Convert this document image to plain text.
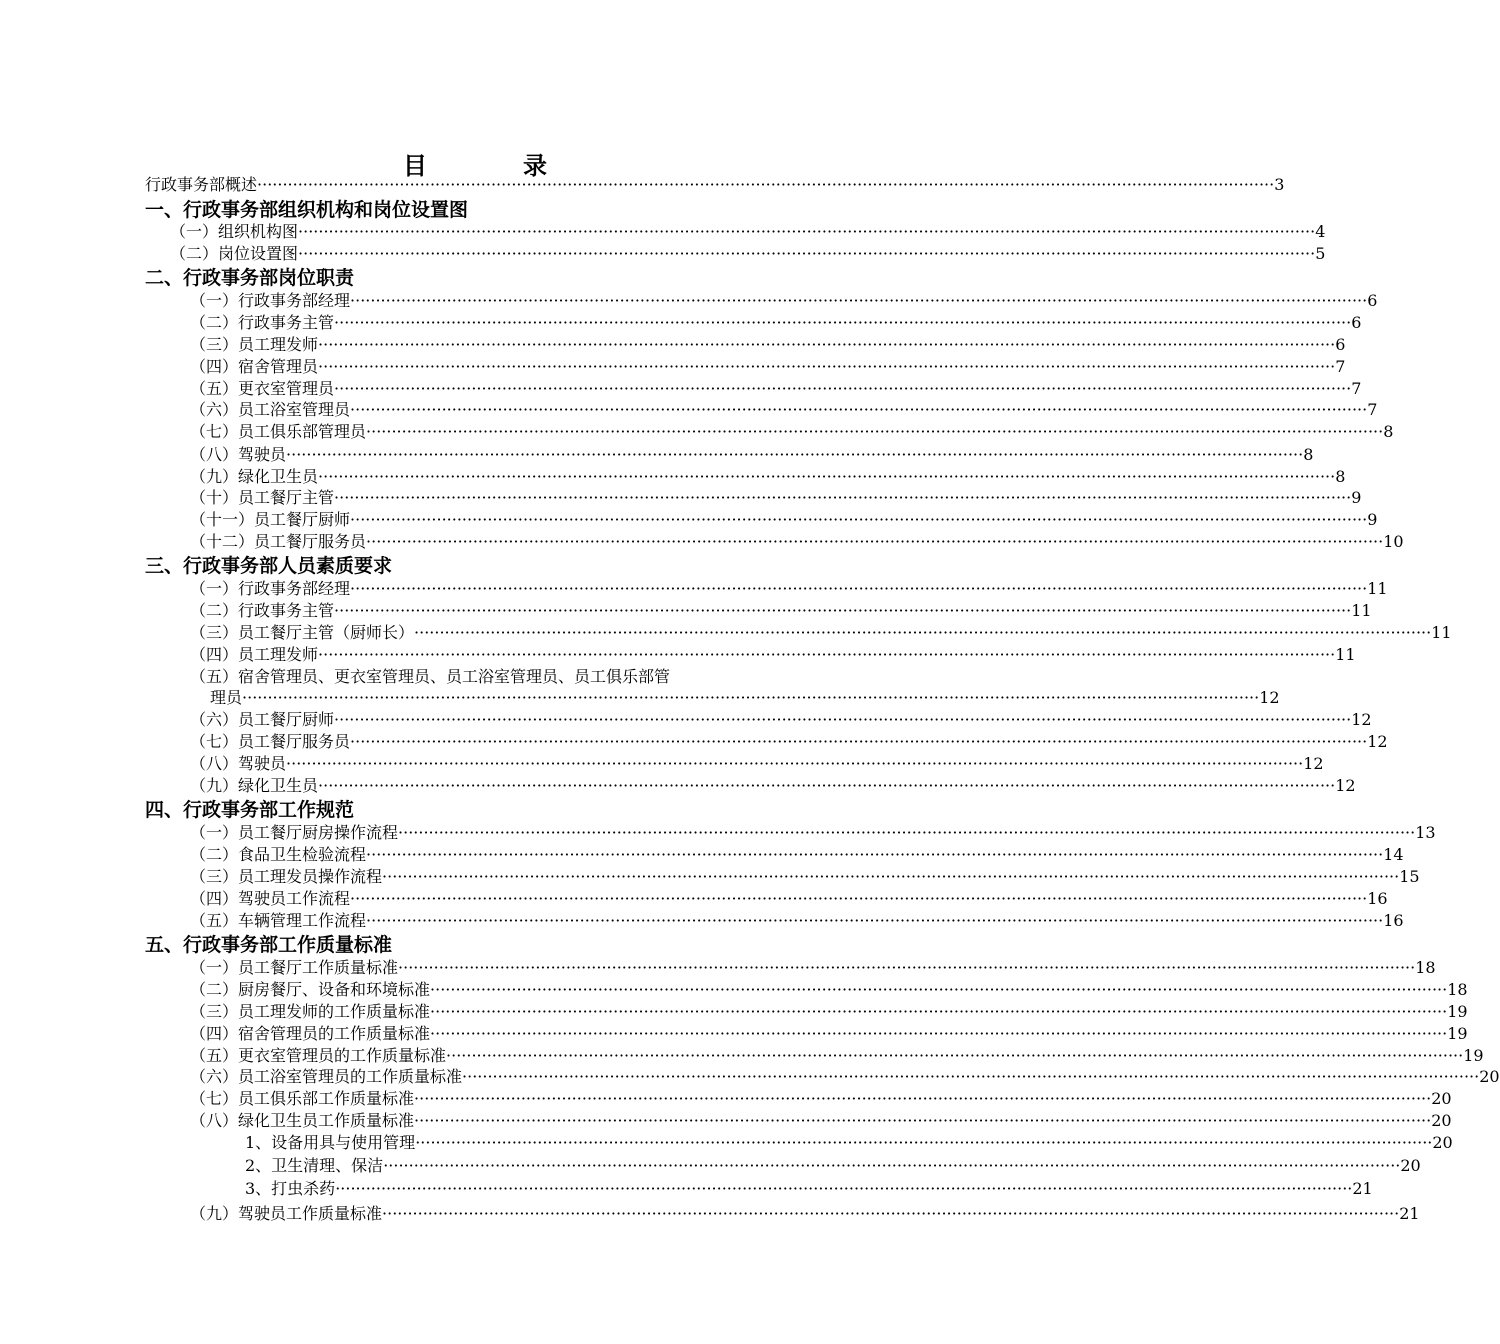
目　录
行政事务部概述 ········································································································································································································ 3
一、行政事务部组织机构和岗位设置图
（一）组织机构图 ········································································································································································································ 4
（二）岗位设置图 ········································································································································································································ 5
二、行政事务部岗位职责
（一）行政事务部经理 ········································································································································································································ 6
（二）行政事务主管 ········································································································································································································ 6
（三）员工理发师 ········································································································································································································ 6
（四）宿舍管理员 ········································································································································································································ 7
（五）更衣室管理员 ········································································································································································································ 7
（六）员工浴室管理员 ········································································································································································································ 7
（七）员工俱乐部管理员 ········································································································································································································ 8
（八）驾驶员 ········································································································································································································ 8
（九）绿化卫生员 ········································································································································································································ 8
（十）员工餐厅主管 ········································································································································································································ 9
（十一）员工餐厅厨师 ········································································································································································································ 9
（十二）员工餐厅服务员 ········································································································································································································ 10
三、行政事务部人员素质要求
（一）行政事务部经理 ········································································································································································································ 11
（二）行政事务主管 ········································································································································································································ 11
（三）员工餐厅主管（厨师长） ········································································································································································································ 11
（四）员工理发师 ········································································································································································································ 11
（五）宿舍管理员、更衣室管理员、员工浴室管理员、员工俱乐部管
理员 ········································································································································································································ 12
（六）员工餐厅厨师 ········································································································································································································ 12
（七）员工餐厅服务员 ········································································································································································································ 12
（八）驾驶员 ········································································································································································································ 12
（九）绿化卫生员 ········································································································································································································ 12
四、行政事务部工作规范
（一）员工餐厅厨房操作流程 ········································································································································································································ 13
（二）食品卫生检验流程 ········································································································································································································ 14
（三）员工理发员操作流程 ········································································································································································································ 15
（四）驾驶员工作流程 ········································································································································································································ 16
（五）车辆管理工作流程 ········································································································································································································ 16
五、行政事务部工作质量标准
（一）员工餐厅工作质量标准 ········································································································································································································ 18
（二）厨房餐厅、设备和环境标准 ········································································································································································································ 18
（三）员工理发师的工作质量标准 ········································································································································································································ 19
（四）宿舍管理员的工作质量标准 ········································································································································································································ 19
（五）更衣室管理员的工作质量标准 ········································································································································································································ 19
（六）员工浴室管理员的工作质量标准 ········································································································································································································ 20
（七）员工俱乐部工作质量标准 ········································································································································································································ 20
（八）绿化卫生员工作质量标准 ········································································································································································································ 20
1、设备用具与使用管理 ········································································································································································································ 20
2、卫生清理、保洁 ········································································································································································································ 20
3、打虫杀药 ········································································································································································································ 21
（九）驾驶员工作质量标准 ········································································································································································································ 21
